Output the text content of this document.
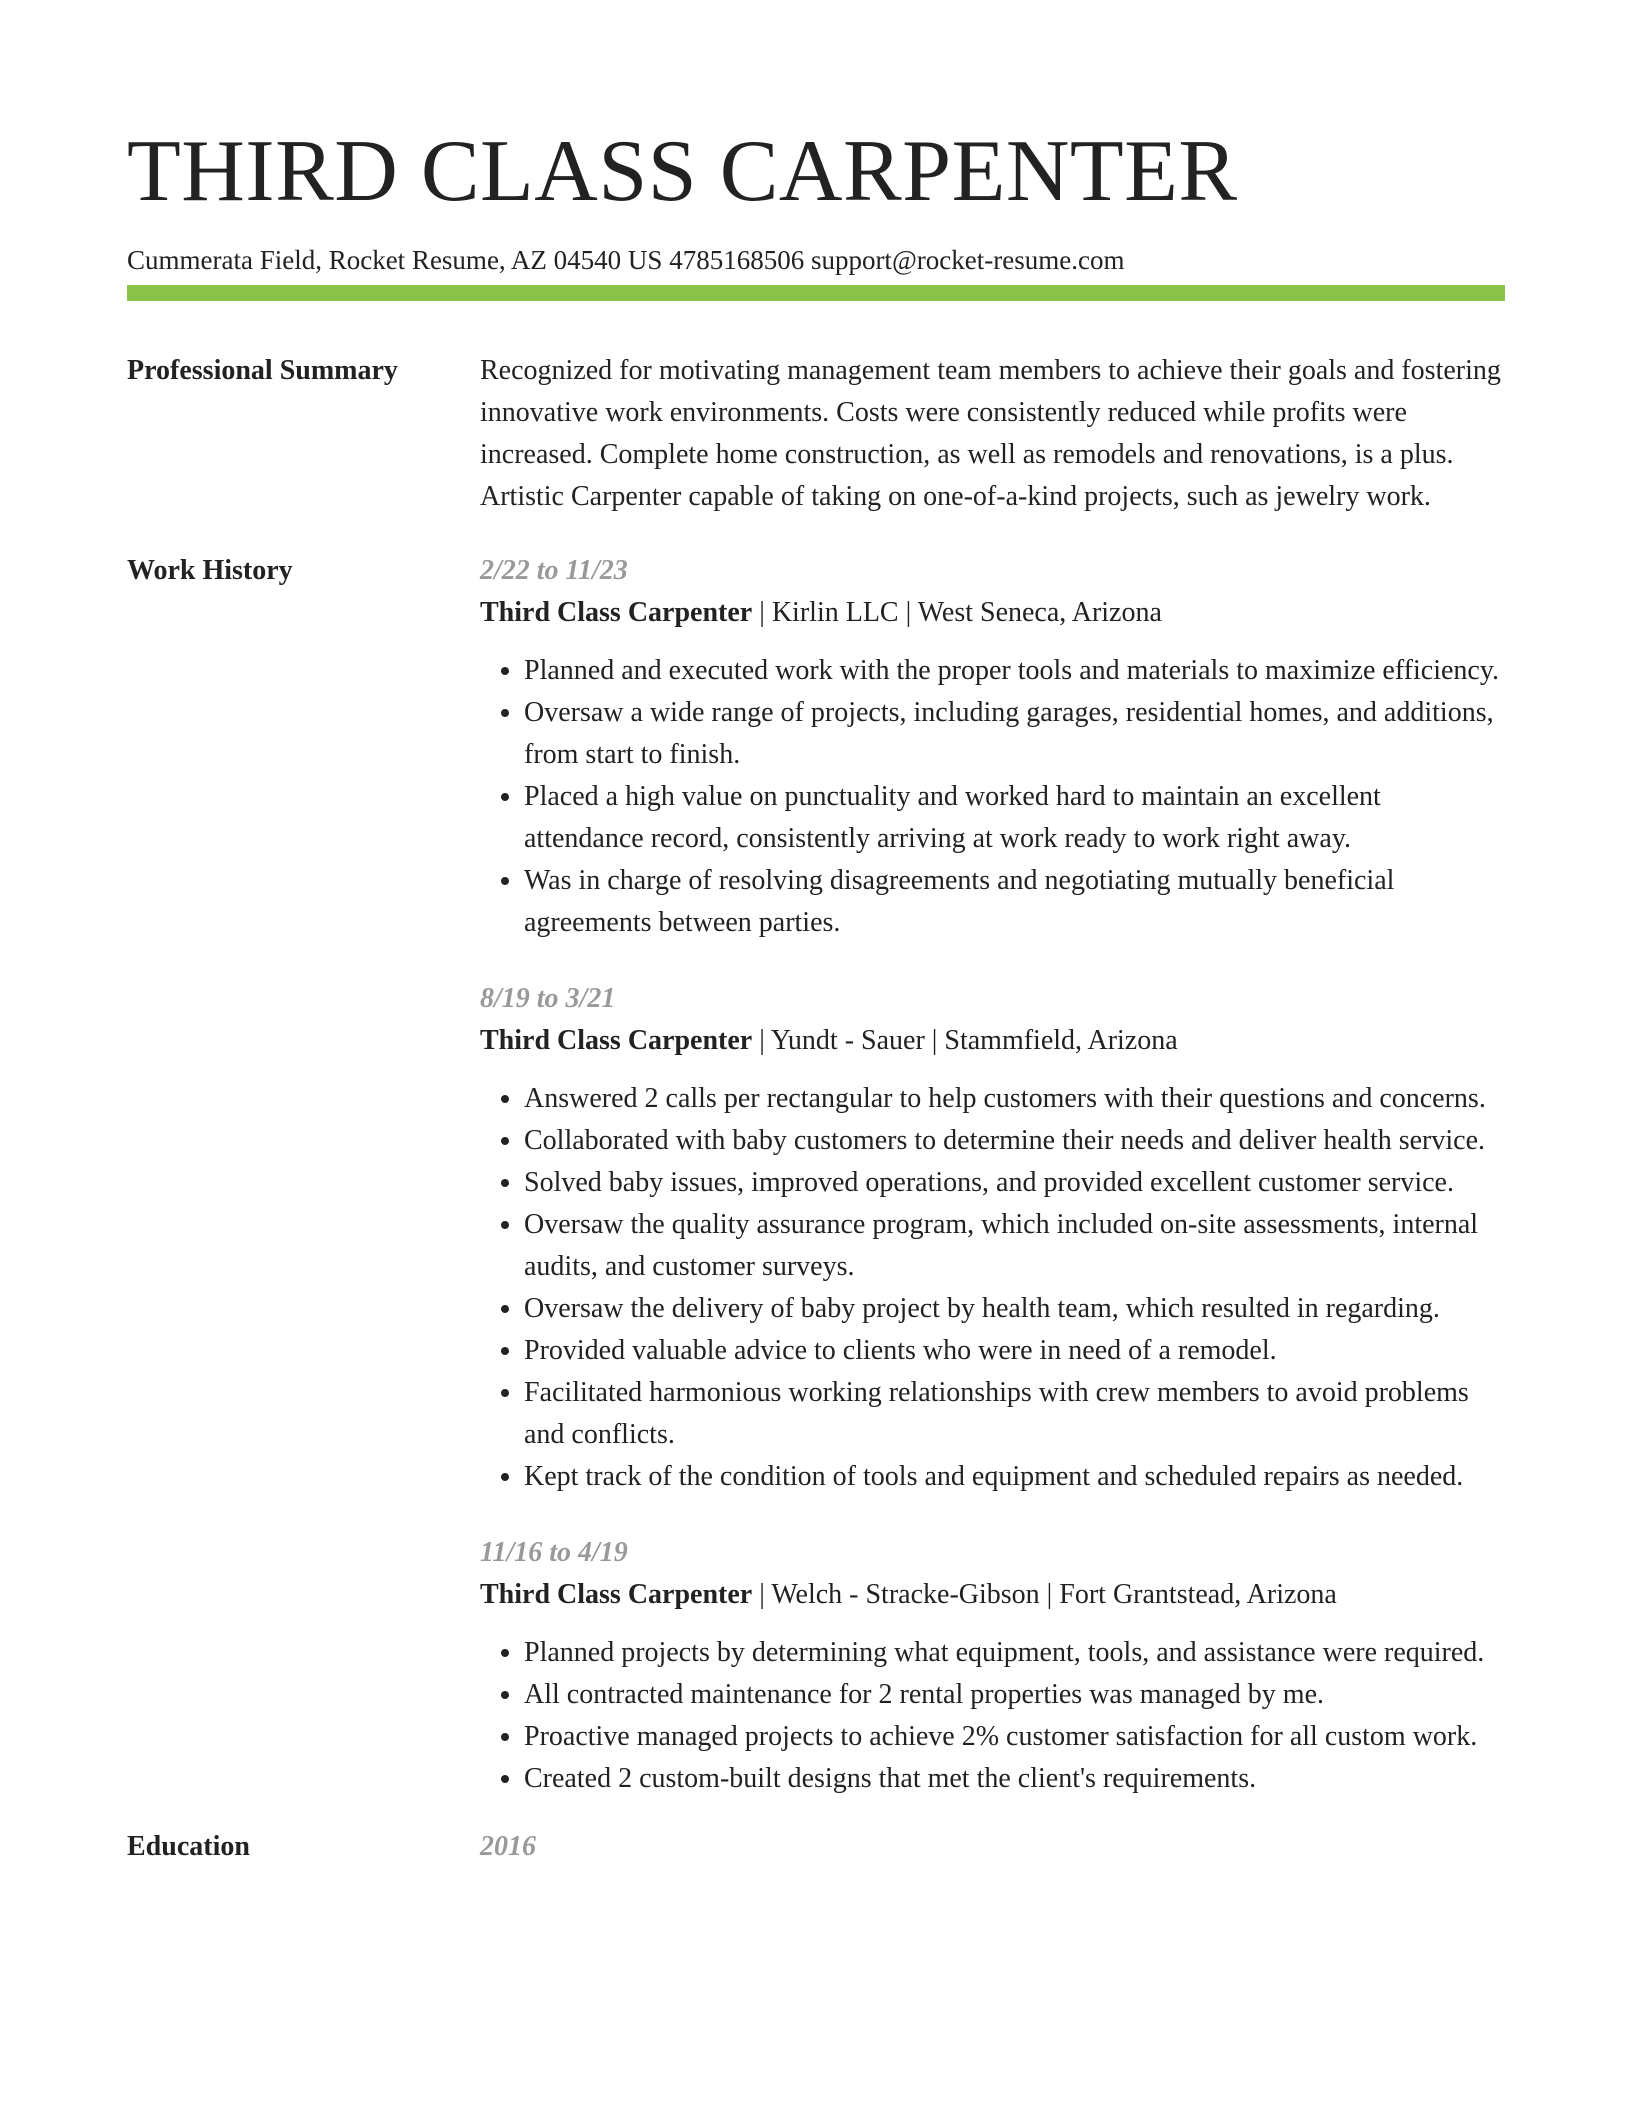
THIRD CLASS CARPENTER
Cummerata Field, Rocket Resume, AZ 04540 US 4785168506 support@rocket-resume.com
Professional Summary	Recognized for motivating management team members to achieve their goals and fostering innovative work environments. Costs were consistently reduced while profits were increased. Complete home construction, as well as remodels and renovations, is a plus. Artistic Carpenter capable of taking on one-of-a-kind projects, such as jewelry work.

Work History	2/22 to 11/23
Third Class Carpenter | Kirlin LLC | West Seneca, Arizona
• Planned and executed work with the proper tools and materials to maximize efficiency.
• Oversaw a wide range of projects, including garages, residential homes, and additions, from start to finish.
• Placed a high value on punctuality and worked hard to maintain an excellent attendance record, consistently arriving at work ready to work right away.
• Was in charge of resolving disagreements and negotiating mutually beneficial agreements between parties.
8/19 to 3/21
Third Class Carpenter | Yundt - Sauer | Stammfield, Arizona
• Answered 2 calls per rectangular to help customers with their questions and concerns.
• Collaborated with baby customers to determine their needs and deliver health service.
• Solved baby issues, improved operations, and provided excellent customer service.
• Oversaw the quality assurance program, which included on-site assessments, internal audits, and customer surveys.
• Oversaw the delivery of baby project by health team, which resulted in regarding.
• Provided valuable advice to clients who were in need of a remodel.
• Facilitated harmonious working relationships with crew members to avoid problems and conflicts.
• Kept track of the condition of tools and equipment and scheduled repairs as needed.
11/16 to 4/19
Third Class Carpenter | Welch - Stracke-Gibson | Fort Grantstead, Arizona
• Planned projects by determining what equipment, tools, and assistance were required.
• All contracted maintenance for 2 rental properties was managed by me.
• Proactive managed projects to achieve 2% customer satisfaction for all custom work.
• Created 2 custom-built designs that met the client's requirements.
Education	2016
